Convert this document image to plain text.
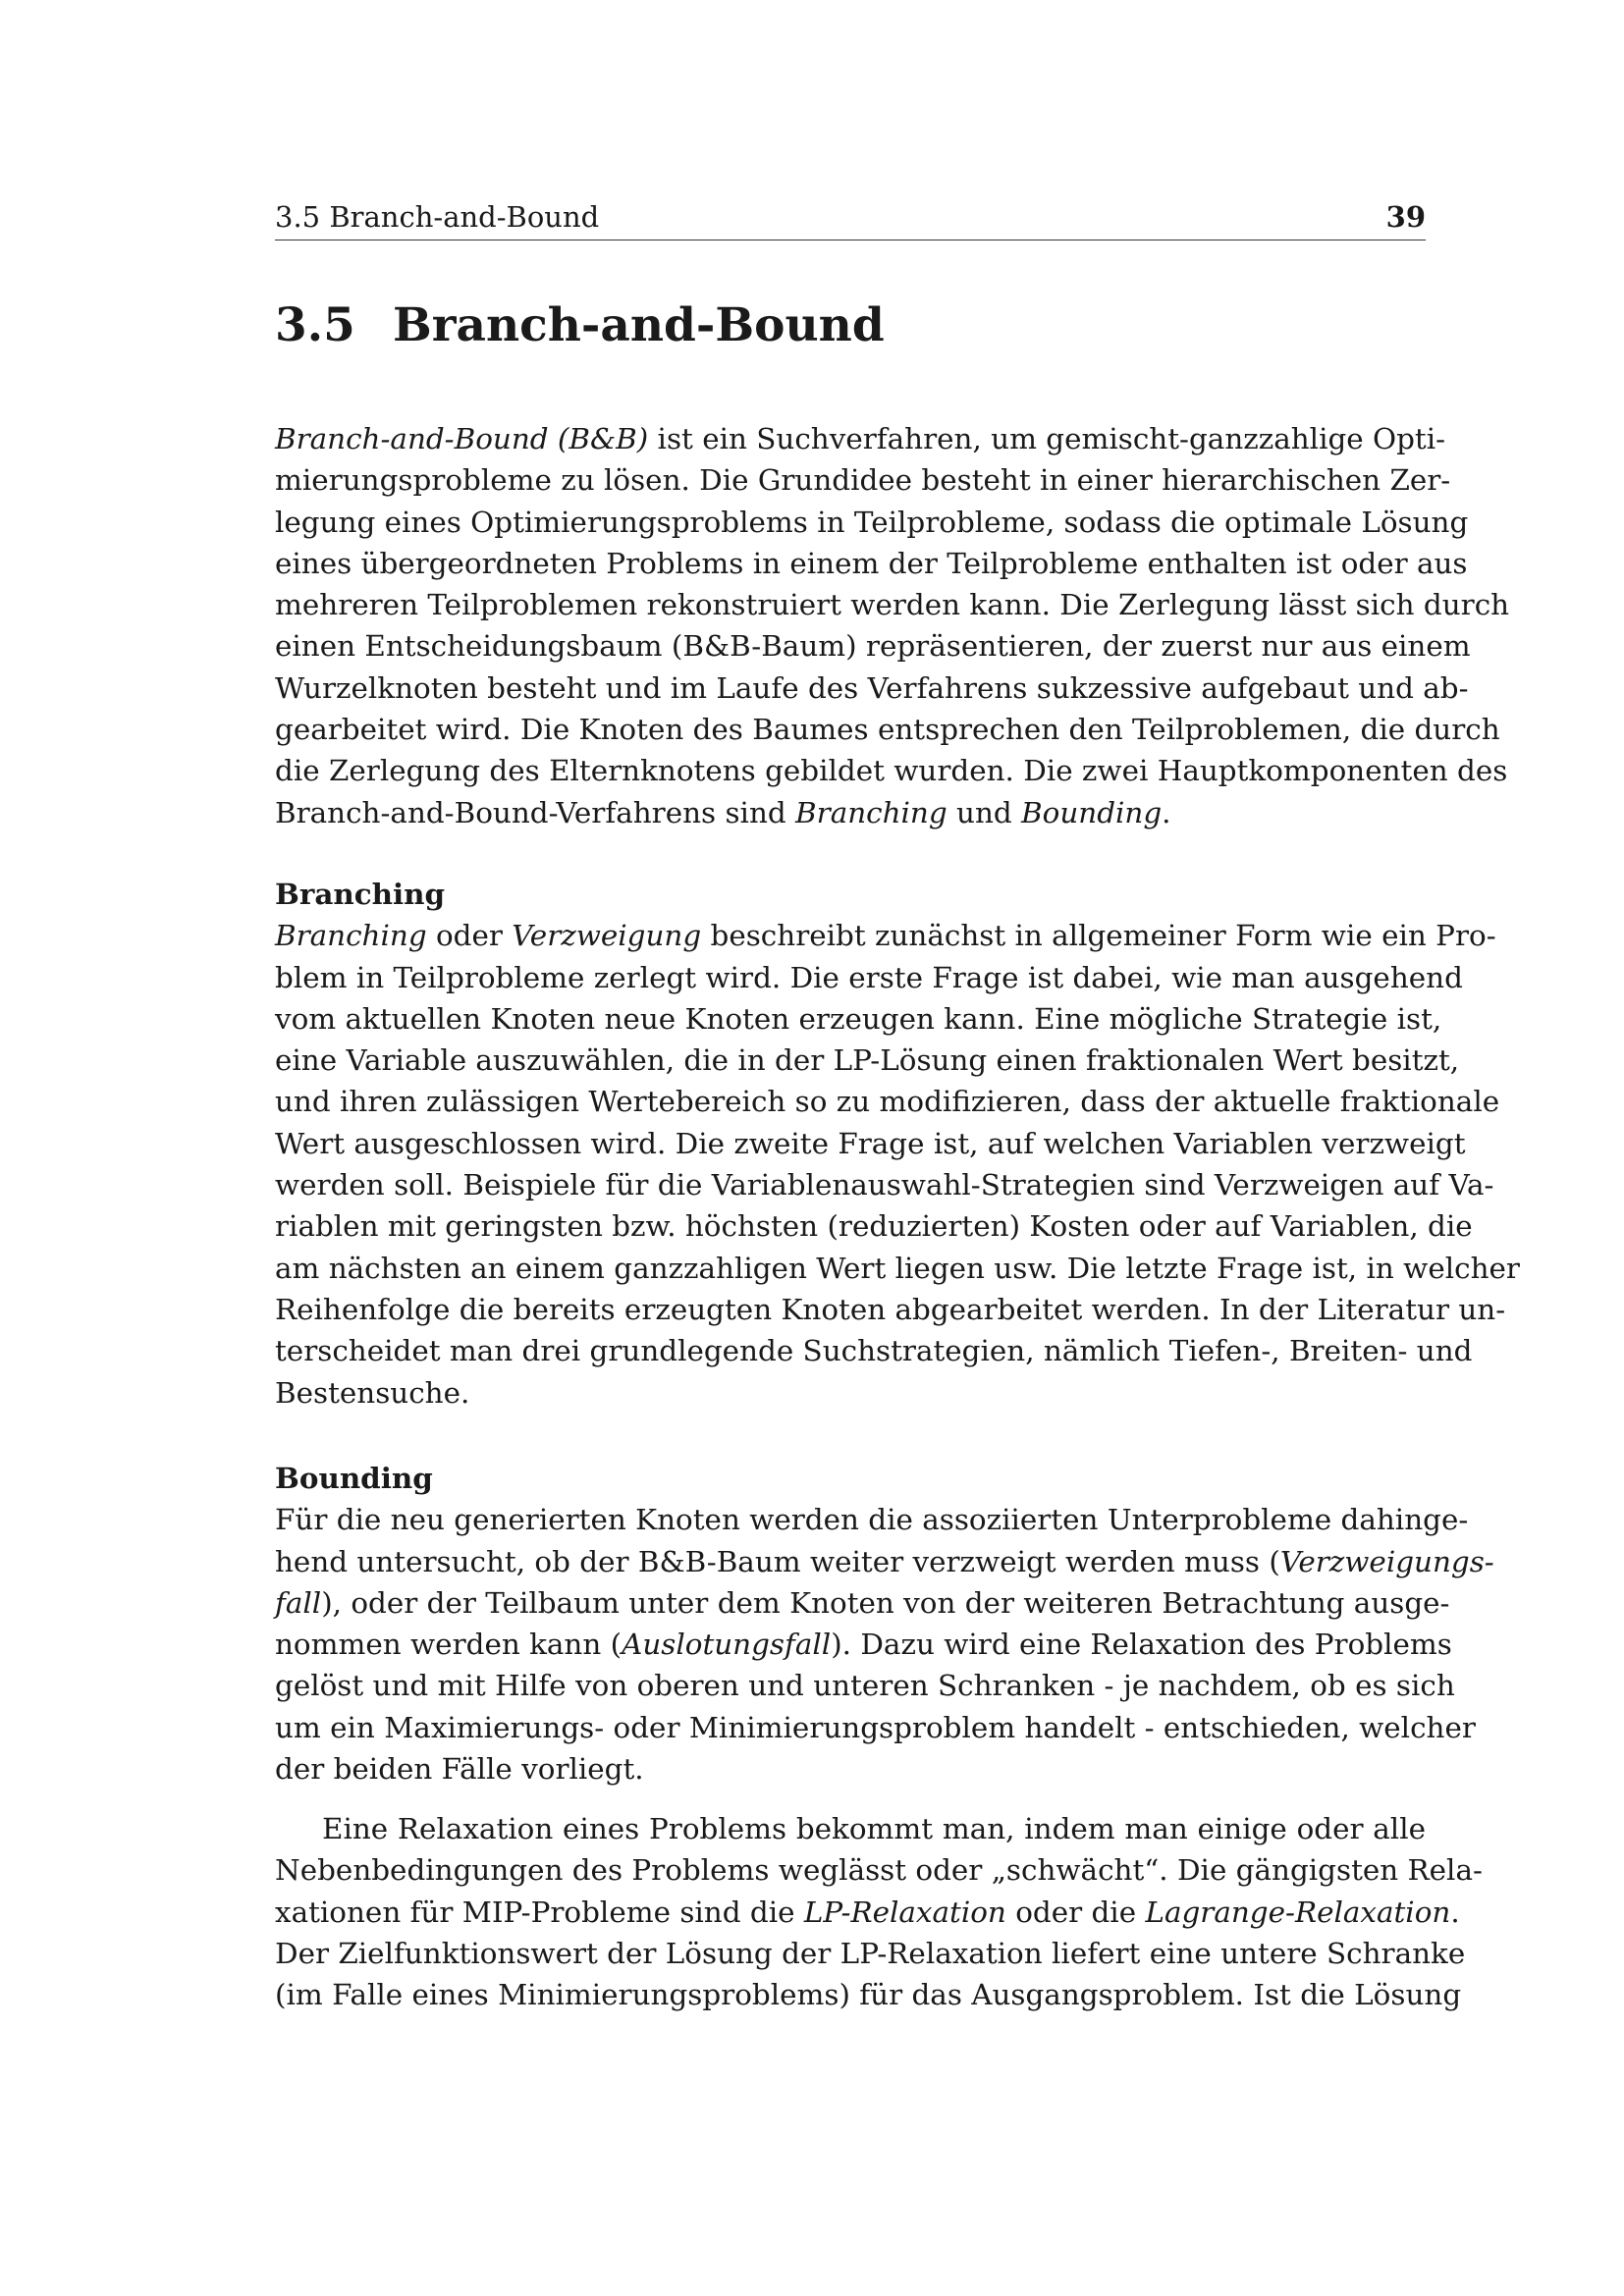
3.5 Branch-and-Bound	39
3.5 Branch-and-Bound
Branch-and-Bound (B&B) ist ein Suchverfahren, um gemischt-ganzzahlige Opti-
mierungsprobleme zu lösen. Die Grundidee besteht in einer hierarchischen Zer-
legung eines Optimierungsproblems in Teilprobleme, sodass die optimale Lösung
eines übergeordneten Problems in einem der Teilprobleme enthalten ist oder aus
mehreren Teilproblemen rekonstruiert werden kann. Die Zerlegung lässt sich durch
einen Entscheidungsbaum (B&B-Baum) repräsentieren, der zuerst nur aus einem
Wurzelknoten besteht und im Laufe des Verfahrens sukzessive aufgebaut und ab-
gearbeitet wird. Die Knoten des Baumes entsprechen den Teilproblemen, die durch
die Zerlegung des Elternknotens gebildet wurden. Die zwei Hauptkomponenten des
Branch-and-Bound-Verfahrens sind Branching und Bounding.
Branching
Branching oder Verzweigung beschreibt zunächst in allgemeiner Form wie ein Pro-
blem in Teilprobleme zerlegt wird. Die erste Frage ist dabei, wie man ausgehend
vom aktuellen Knoten neue Knoten erzeugen kann. Eine mögliche Strategie ist,
eine Variable auszuwählen, die in der LP-Lösung einen fraktionalen Wert besitzt,
und ihren zulässigen Wertebereich so zu modifizieren, dass der aktuelle fraktionale
Wert ausgeschlossen wird. Die zweite Frage ist, auf welchen Variablen verzweigt
werden soll. Beispiele für die Variablenauswahl-Strategien sind Verzweigen auf Va-
riablen mit geringsten bzw. höchsten (reduzierten) Kosten oder auf Variablen, die
am nächsten an einem ganzzahligen Wert liegen usw. Die letzte Frage ist, in welcher
Reihenfolge die bereits erzeugten Knoten abgearbeitet werden. In der Literatur un-
terscheidet man drei grundlegende Suchstrategien, nämlich Tiefen-, Breiten- und
Bestensuche.
Bounding
Für die neu generierten Knoten werden die assoziierten Unterprobleme dahinge-
hend untersucht, ob der B&B-Baum weiter verzweigt werden muss (Verzweigungs-
fall), oder der Teilbaum unter dem Knoten von der weiteren Betrachtung ausge-
nommen werden kann (Auslotungsfall). Dazu wird eine Relaxation des Problems
gelöst und mit Hilfe von oberen und unteren Schranken - je nachdem, ob es sich
um ein Maximierungs- oder Minimierungsproblem handelt - entschieden, welcher
der beiden Fälle vorliegt.
Eine Relaxation eines Problems bekommt man, indem man einige oder alle
Nebenbedingungen des Problems weglässt oder „schwächt“. Die gängigsten Rela-
xationen für MIP-Probleme sind die LP-Relaxation oder die Lagrange-Relaxation.
Der Zielfunktionswert der Lösung der LP-Relaxation liefert eine untere Schranke
(im Falle eines Minimierungsproblems) für das Ausgangsproblem. Ist die Lösung
